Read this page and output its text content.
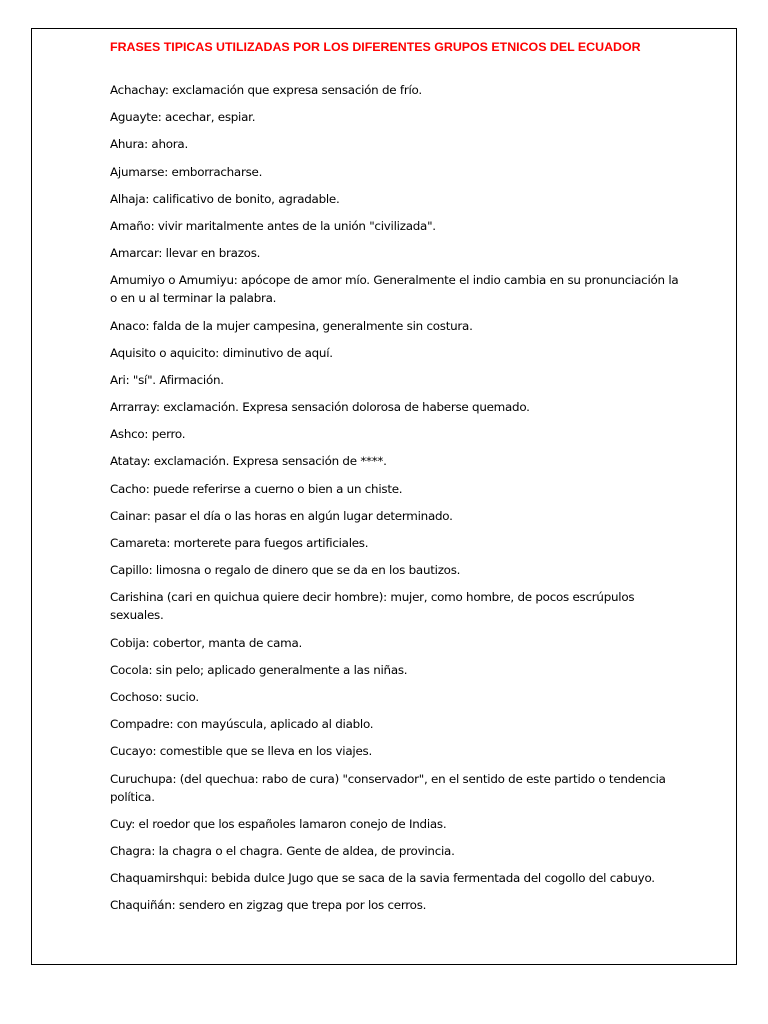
FRASES TIPICAS UTILIZADAS POR LOS DIFERENTES GRUPOS ETNICOS DEL ECUADOR
Achachay: exclamación que expresa sensación de frío.
Aguayte: acechar, espiar.
Ahura: ahora.
Ajumarse: emborracharse.
Alhaja: calificativo de bonito, agradable.
Amaño: vivir maritalmente antes de la unión "civilizada".
Amarcar: llevar en brazos.
Amumiyo o Amumiyu: apócope de amor mío. Generalmente el indio cambia en su pronunciación la o en u al terminar la palabra.
Anaco: falda de la mujer campesina, generalmente sin costura.
Aquisito o aquicito: diminutivo de aquí.
Ari: "sí". Afirmación.
Arrarray: exclamación. Expresa sensación dolorosa de haberse quemado.
Ashco: perro.
Atatay: exclamación. Expresa sensación de ****.
Cacho: puede referirse a cuerno o bien a un chiste.
Cainar: pasar el día o las horas en algún lugar determinado.
Camareta: morterete para fuegos artificiales.
Capillo: limosna o regalo de dinero que se da en los bautizos.
Carishina (cari en quichua quiere decir hombre): mujer, como hombre, de pocos escrúpulos sexuales.
Cobija: cobertor, manta de cama.
Cocola: sin pelo; aplicado generalmente a las niñas.
Cochoso: sucio.
Compadre: con mayúscula, aplicado al diablo.
Cucayo: comestible que se lleva en los viajes.
Curuchupa: (del quechua: rabo de cura) "conservador", en el sentido de este partido o tendencia política.
Cuy: el roedor que los españoles lamaron conejo de Indias.
Chagra: la chagra o el chagra. Gente de aldea, de provincia.
Chaquamirshqui: bebida dulce Jugo que se saca de la savia fermentada del cogollo del cabuyo.
Chaquiñán: sendero en zigzag que trepa por los cerros.
